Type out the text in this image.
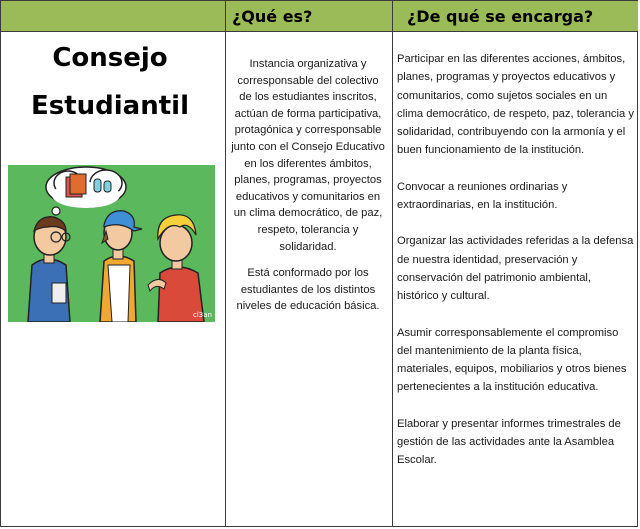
¿Qué es?	¿De qué se encarga?
Consejo
Estudiantil
cl3an

Instancia organizativa y corresponsable del colectivo de los estudiantes inscritos, actúan de forma participativa, protagónica y corresponsable junto con el Consejo Educativo en los diferentes ámbitos, planes, programas, proyectos educativos y comunitarios en un clima democrático, de paz, respeto, tolerancia y solidaridad.

Está conformado por los estudiantes de los distintos niveles de educación básica.

Participar en las diferentes acciones, ámbitos, planes, programas y proyectos educativos y comunitarios, como sujetos sociales en un clima democrático, de respeto, paz, tolerancia y solidaridad, contribuyendo con la armonía y el buen funcionamiento de la institución.

Convocar a reuniones ordinarias y extraordinarias, en la institución.

Organizar las actividades referidas a la defensa de nuestra identidad, preservación y conservación del patrimonio ambiental, histórico y cultural.

Asumir corresponsablemente el compromiso del mantenimiento de la planta física, materiales, equipos, mobiliarios y otros bienes pertenecientes a la institución educativa.

Elaborar y presentar informes trimestrales de gestión de las actividades ante la Asamblea Escolar.
